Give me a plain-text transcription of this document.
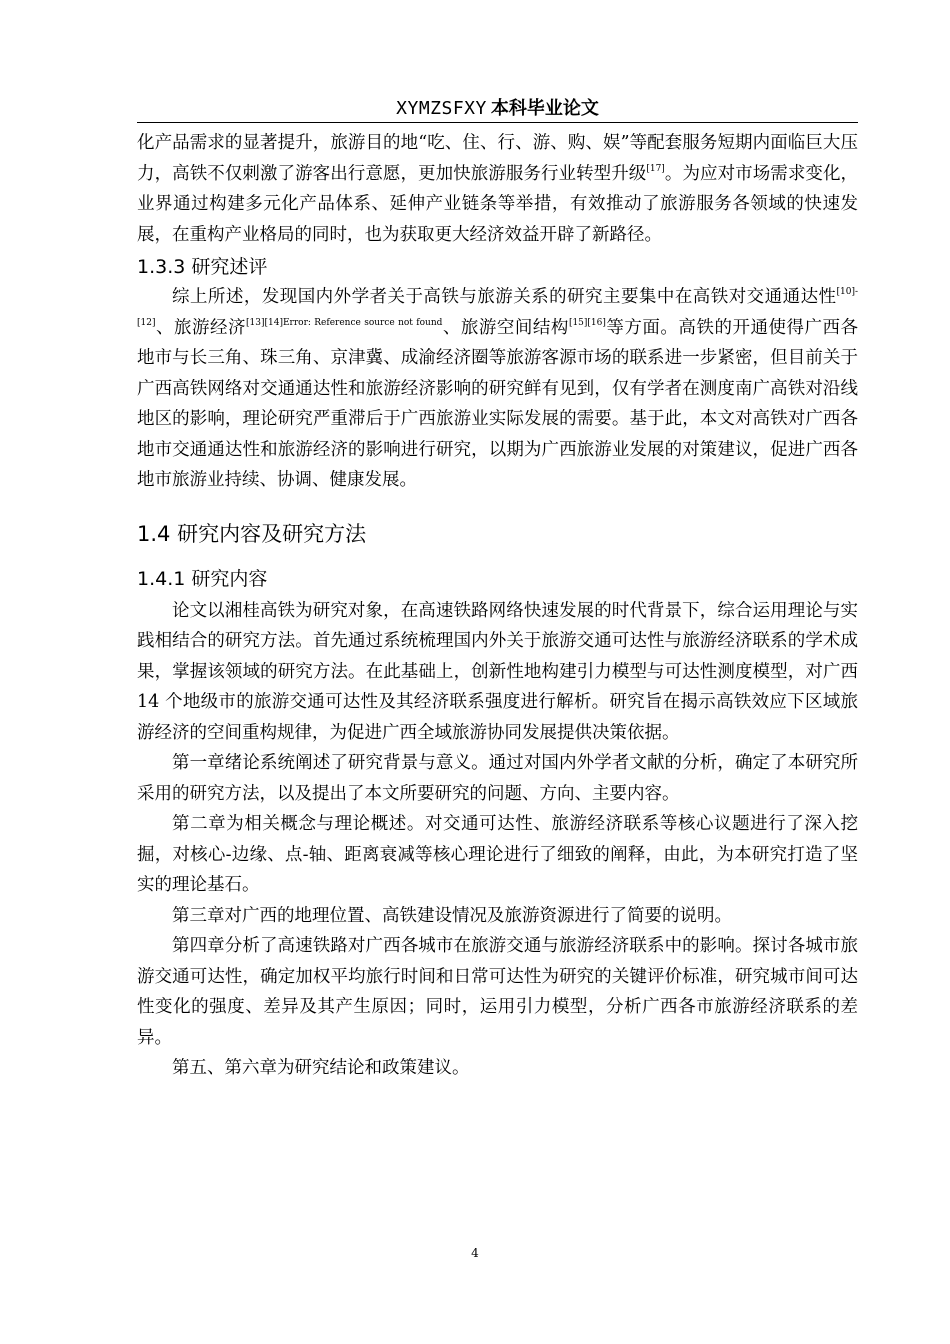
XYMZSFXY 本科毕业论文

化产品需求的显著提升，旅游目的地“吃、住、行、游、购、娱”等配套服务短期内面临巨大压力，高铁不仅刺激了游客出行意愿，更加快旅游服务行业转型升级[17]。为应对市场需求变化，业界通过构建多元化产品体系、延伸产业链条等举措，有效推动了旅游服务各领域的快速发展，在重构产业格局的同时，也为获取更大经济效益开辟了新路径。

1.3.3 研究述评

综上所述，发现国内外学者关于高铁与旅游关系的研究主要集中在高铁对交通通达性[10]-[12]、旅游经济$^{[13][14]Error: Reference source not found}$、旅游空间结构[15][16]等方面。高铁的开通使得广西各地市与长三角、珠三角、京津冀、成渝经济圈等旅游客源市场的联系进一步紧密，但目前关于广西高铁网络对交通通达性和旅游经济影响的研究鲜有见到，仅有学者在测度南广高铁对沿线地区的影响，理论研究严重滞后于广西旅游业实际发展的需要。基于此，本文对高铁对广西各地市交通通达性和旅游经济的影响进行研究，以期为广西旅游业发展的对策建议，促进广西各地市旅游业持续、协调、健康发展。

1.4 研究内容及研究方法
1.4.1 研究内容

论文以湘桂高铁为研究对象，在高速铁路网络快速发展的时代背景下，综合运用理论与实践相结合的研究方法。首先通过系统梳理国内外关于旅游交通可达性与旅游经济联系的学术成果，掌握该领域的研究方法。在此基础上，创新性地构建引力模型与可达性测度模型，对广西 14 个地级市的旅游交通可达性及其经济联系强度进行解析。研究旨在揭示高铁效应下区域旅游经济的空间重构规律，为促进广西全域旅游协同发展提供决策依据。

第一章绪论系统阐述了研究背景与意义。通过对国内外学者文献的分析，确定了本研究所采用的研究方法，以及提出了本文所要研究的问题、方向、主要内容。

第二章为相关概念与理论概述。对交通可达性、旅游经济联系等核心议题进行了深入挖掘，对核心-边缘、点-轴、距离衰减等核心理论进行了细致的阐释，由此，为本研究打造了坚实的理论基石。

第三章对广西的地理位置、高铁建设情况及旅游资源进行了简要的说明。

第四章分析了高速铁路对广西各城市在旅游交通与旅游经济联系中的影响。探讨各城市旅游交通可达性，确定加权平均旅行时间和日常可达性为研究的关键评价标准，研究城市间可达性变化的强度、差异及其产生原因；同时，运用引力模型，分析广西各市旅游经济联系的差异。

第五、第六章为研究结论和政策建议。

4
